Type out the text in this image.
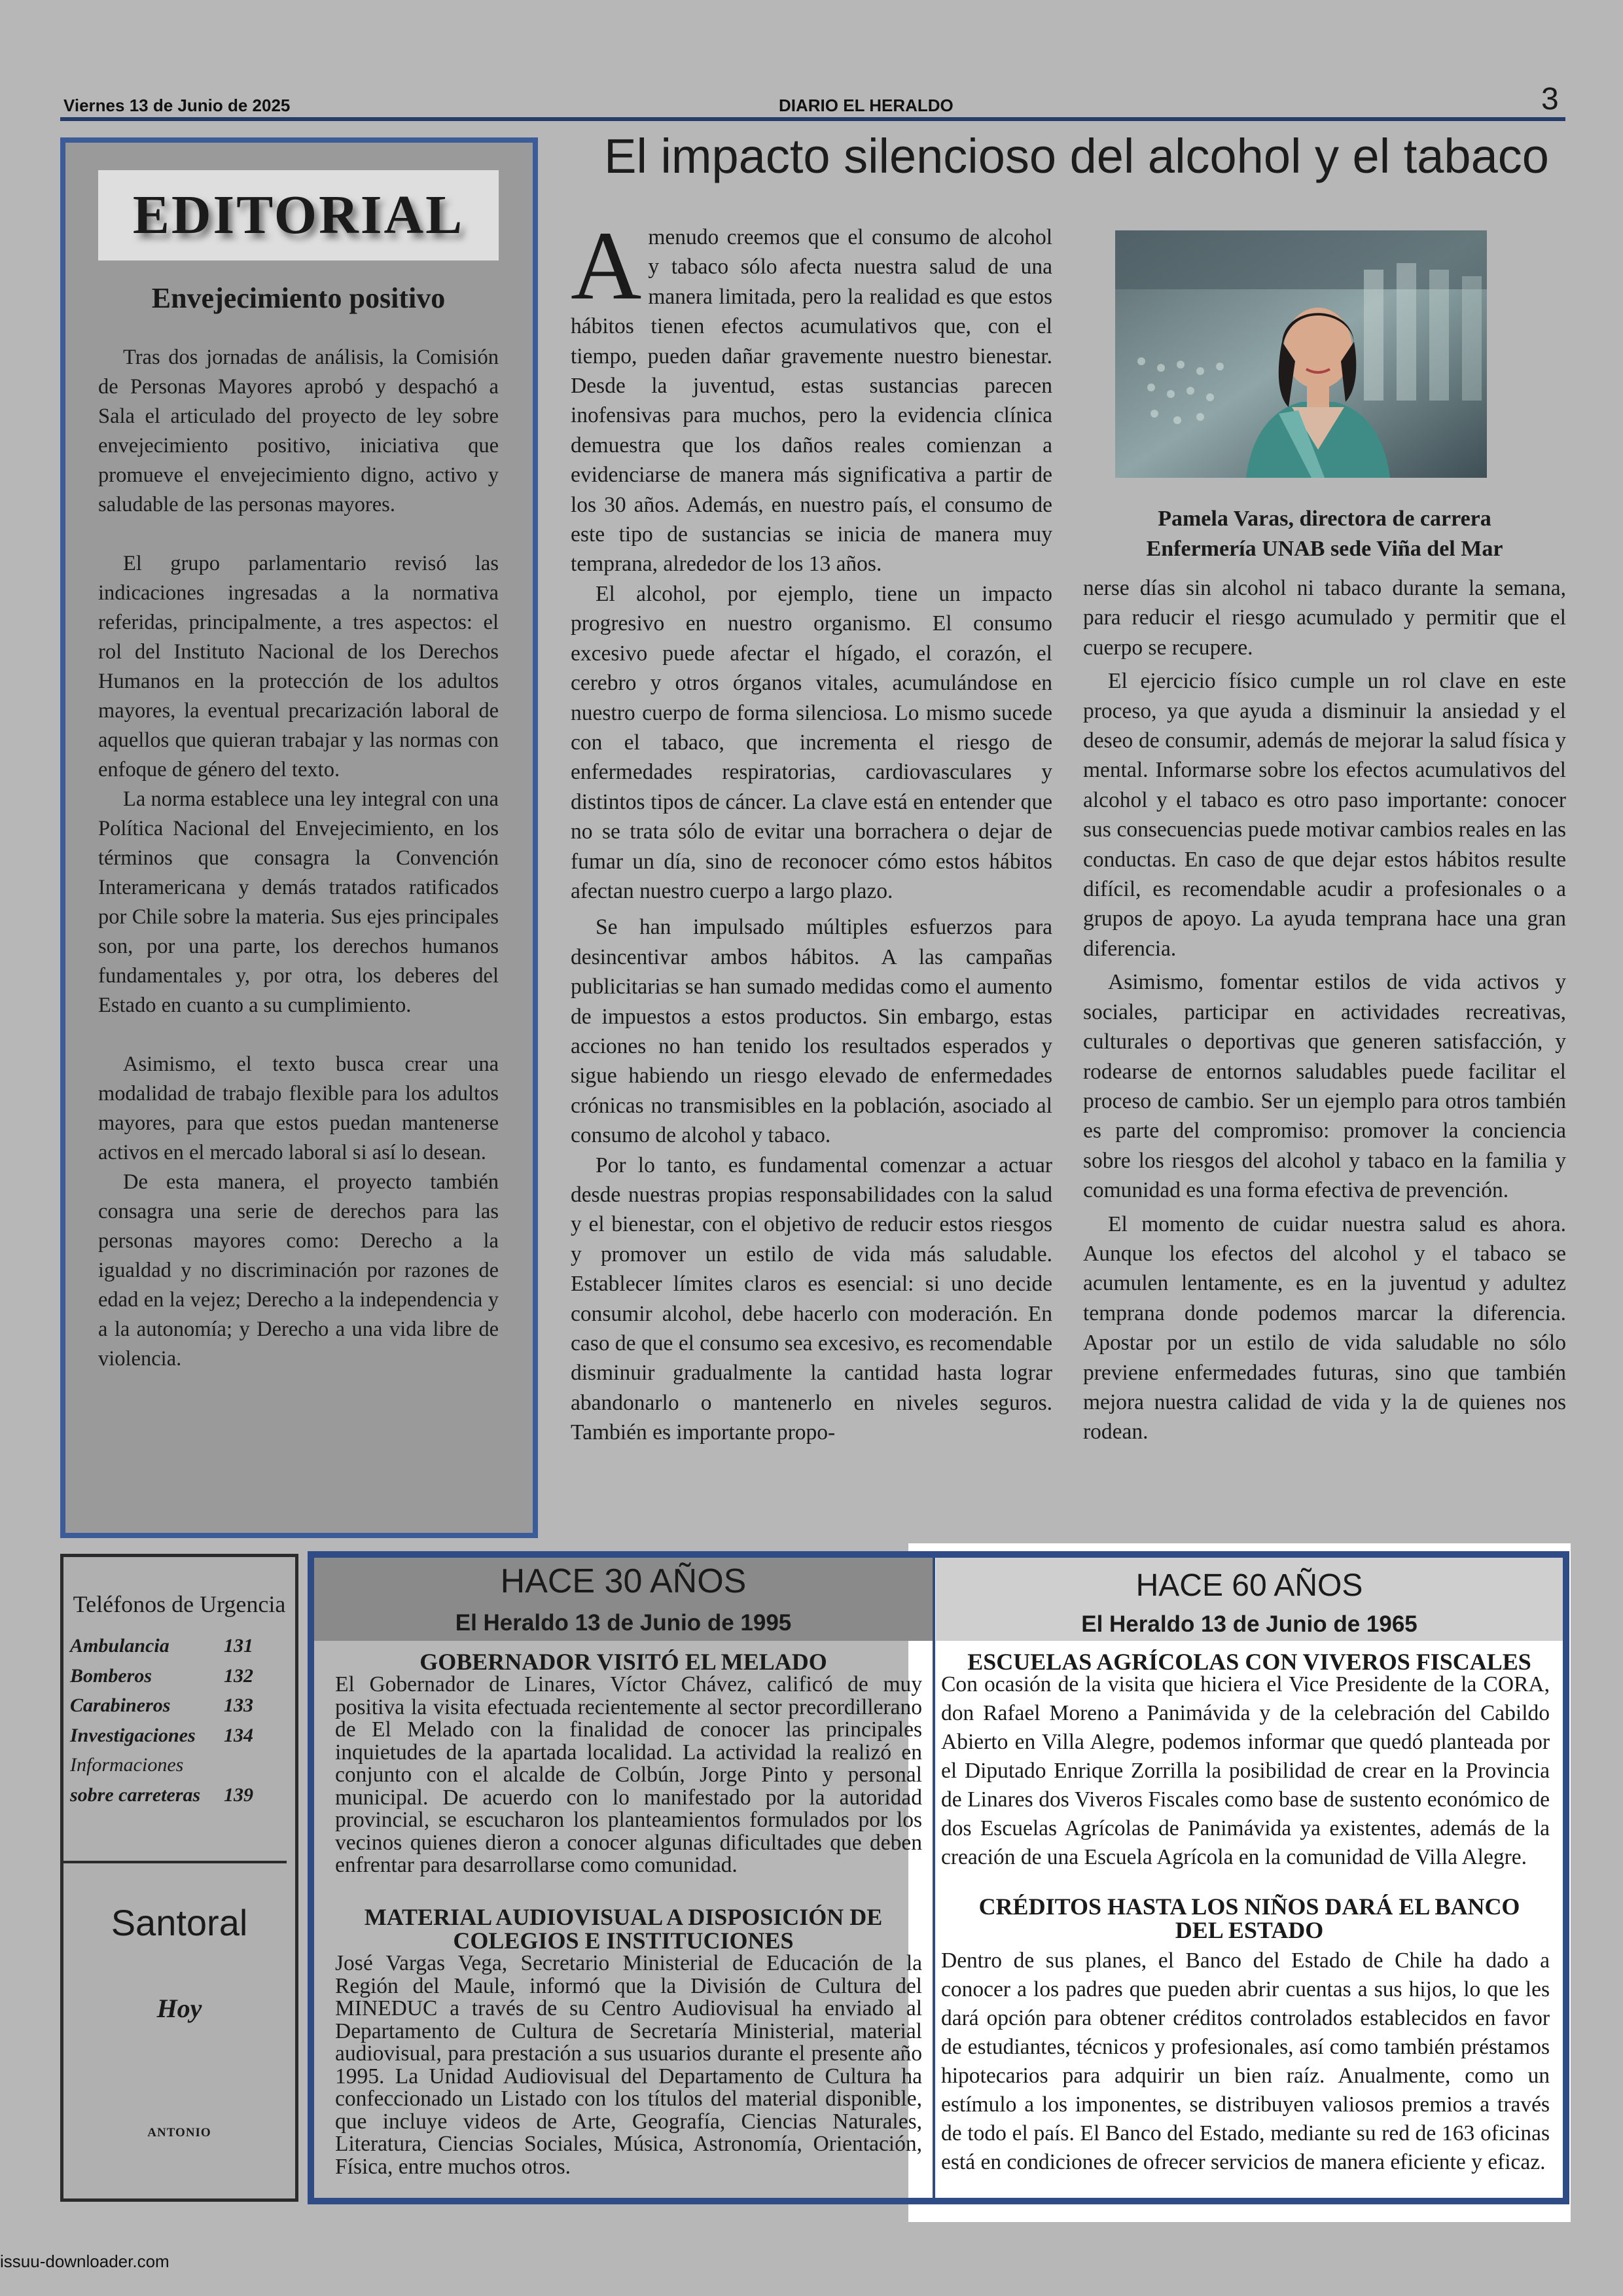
Viernes 13 de Junio de 2025	DIARIO EL HERALDO	3
EDITORIAL
Envejecimiento positivo

Tras dos jornadas de análisis, la Comisión de Personas Mayores aprobó y despachó a Sala el articulado del proyecto de ley sobre envejecimiento positivo, iniciativa que promueve el envejecimiento digno, activo y saludable de las personas mayores.

El grupo parlamentario revisó las indicaciones ingresadas a la normativa referidas, principalmente, a tres aspectos: el rol del Instituto Nacional de los Derechos Humanos en la protección de los adultos mayores, la eventual precarización laboral de aquellos que quieran trabajar y las normas con enfoque de género del texto.

La norma establece una ley integral con una Política Nacional del Envejecimiento, en los términos que consagra la Convención Interamericana y demás tratados ratificados por Chile sobre la materia. Sus ejes principales son, por una parte, los derechos humanos fundamentales y, por otra, los deberes del Estado en cuanto a su cumplimiento.

Asimismo, el texto busca crear una modalidad de trabajo flexible para los adultos mayores, para que estos puedan mantenerse activos en el mercado laboral si así lo desean.

De esta manera, el proyecto también consagra una serie de derechos para las personas mayores como: Derecho a la igualdad y no discriminación por razones de edad en la vejez; Derecho a la independencia y a la autonomía; y Derecho a una vida libre de violencia.

El impacto silencioso del alcohol y el tabaco

Amenudo creemos que el consumo de alcohol y tabaco sólo afecta nuestra salud de una manera limitada, pero la realidad es que estos hábitos tienen efectos acumulativos que, con el tiempo, pueden dañar gravemente nuestro bienestar. Desde la juventud, estas sustancias parecen inofensivas para muchos, pero la evidencia clínica demuestra que los daños reales comienzan a evidenciarse de manera más significativa a partir de los 30 años. Además, en nuestro país, el consumo de este tipo de sustancias se inicia de manera muy temprana, alrededor de los 13 años.

El alcohol, por ejemplo, tiene un impacto progresivo en nuestro organismo. El consumo excesivo puede afectar el hígado, el corazón, el cerebro y otros órganos vitales, acumulándose en nuestro cuerpo de forma silenciosa. Lo mismo sucede con el tabaco, que incrementa el riesgo de enfermedades respiratorias, cardiovasculares y distintos tipos de cáncer. La clave está en entender que no se trata sólo de evitar una borrachera o dejar de fumar un día, sino de reconocer cómo estos hábitos afectan nuestro cuerpo a largo plazo.

Se han impulsado múltiples esfuerzos para desincentivar ambos hábitos. A las campañas publicitarias se han sumado medidas como el aumento de impuestos a estos productos. Sin embargo, estas acciones no han tenido los resultados esperados y sigue habiendo un riesgo elevado de enfermedades crónicas no transmisibles en la población, asociado al consumo de alcohol y tabaco.

Por lo tanto, es fundamental comenzar a actuar desde nuestras propias responsabilidades con la salud y el bienestar, con el objetivo de reducir estos riesgos y promover un estilo de vida más saludable. Establecer límites claros es esencial: si uno decide consumir alcohol, debe hacerlo con moderación. En caso de que el consumo sea excesivo, es recomendable disminuir gradualmente la cantidad hasta lograr abandonarlo o mantenerlo en niveles seguros. También es importante propo-

Pamela Varas, directora de carrera
Enfermería UNAB sede Viña del Mar

nerse días sin alcohol ni tabaco durante la semana, para reducir el riesgo acumulado y permitir que el cuerpo se recupere.

El ejercicio físico cumple un rol clave en este proceso, ya que ayuda a disminuir la ansiedad y el deseo de consumir, además de mejorar la salud física y mental. Informarse sobre los efectos acumulativos del alcohol y el tabaco es otro paso importante: conocer sus consecuencias puede motivar cambios reales en las conductas. En caso de que dejar estos hábitos resulte difícil, es recomendable acudir a profesionales o a grupos de apoyo. La ayuda temprana hace una gran diferencia.

Asimismo, fomentar estilos de vida activos y sociales, participar en actividades recreativas, culturales o deportivas que generen satisfacción, y rodearse de entornos saludables puede facilitar el proceso de cambio. Ser un ejemplo para otros también es parte del compromiso: promover la conciencia sobre los riesgos del alcohol y tabaco en la familia y comunidad es una forma efectiva de prevención.

El momento de cuidar nuestra salud es ahora. Aunque los efectos del alcohol y el tabaco se acumulen lentamente, es en la juventud y adultez temprana donde podemos marcar la diferencia. Apostar por un estilo de vida saludable no sólo previene enfermedades futuras, sino que también mejora nuestra calidad de vida y la de quienes nos rodean.

Teléfonos de Urgencia
Ambulancia	131
Bomberos	132
Carabineros	133
Investigaciones	134
Informaciones
sobre carreteras	139
Santoral
Hoy
ANTONIO
HACE 30 AÑOS
El Heraldo 13 de Junio de 1995
GOBERNADOR VISITÓ EL MELADO
El Gobernador de Linares, Víctor Chávez, calificó de muy positiva la visita efectuada recientemente al sector precordillerano de El Melado con la finalidad de conocer las principales inquietudes de la apartada localidad. La actividad la realizó en conjunto con el alcalde de Colbún, Jorge Pinto y personal municipal. De acuerdo con lo manifestado por la autoridad provincial, se escucharon los planteamientos formulados por los vecinos quienes dieron a conocer algunas dificultades que deben enfrentar para desarrollarse como comunidad.
MATERIAL AUDIOVISUAL A DISPOSICIÓN DE
COLEGIOS E INSTITUCIONES
José Vargas Vega, Secretario Ministerial de Educación de la Región del Maule, informó que la División de Cultura del MINEDUC a través de su Centro Audiovisual ha enviado al Departamento de Cultura de Secretaría Ministerial, material audiovisual, para prestación a sus usuarios durante el presente año 1995. La Unidad Audiovisual del Departamento de Cultura ha confeccionado un Listado con los títulos del material disponible, que incluye videos de Arte, Geografía, Ciencias Naturales, Literatura, Ciencias Sociales, Música, Astronomía, Orientación, Física, entre muchos otros.
HACE 60 AÑOS
El Heraldo 13 de Junio de 1965
ESCUELAS AGRÍCOLAS CON VIVEROS FISCALES
Con ocasión de la visita que hiciera el Vice Presidente de la CORA, don Rafael Moreno a Panimávida y de la celebración del Cabildo Abierto en Villa Alegre, podemos informar que quedó planteada por el Diputado Enrique Zorrilla la posibilidad de crear en la Provincia de Linares dos Viveros Fiscales como base de sustento económico de dos Escuelas Agrícolas de Panimávida ya existentes, además de la creación de una Escuela Agrícola en la comunidad de Villa Alegre.
CRÉDITOS HASTA LOS NIÑOS DARÁ EL BANCO
DEL ESTADO
Dentro de sus planes, el Banco del Estado de Chile ha dado a conocer a los padres que pueden abrir cuentas a sus hijos, lo que les dará opción para obtener créditos controlados establecidos en favor de estudiantes, técnicos y profesionales, así como también préstamos hipotecarios para adquirir un bien raíz. Anualmente, como un estímulo a los imponentes, se distribuyen valiosos premios a través de todo el país. El Banco del Estado, mediante su red de 163 oficinas está en condiciones de ofrecer servicios de manera eficiente y eficaz.
issuu-downloader.com
